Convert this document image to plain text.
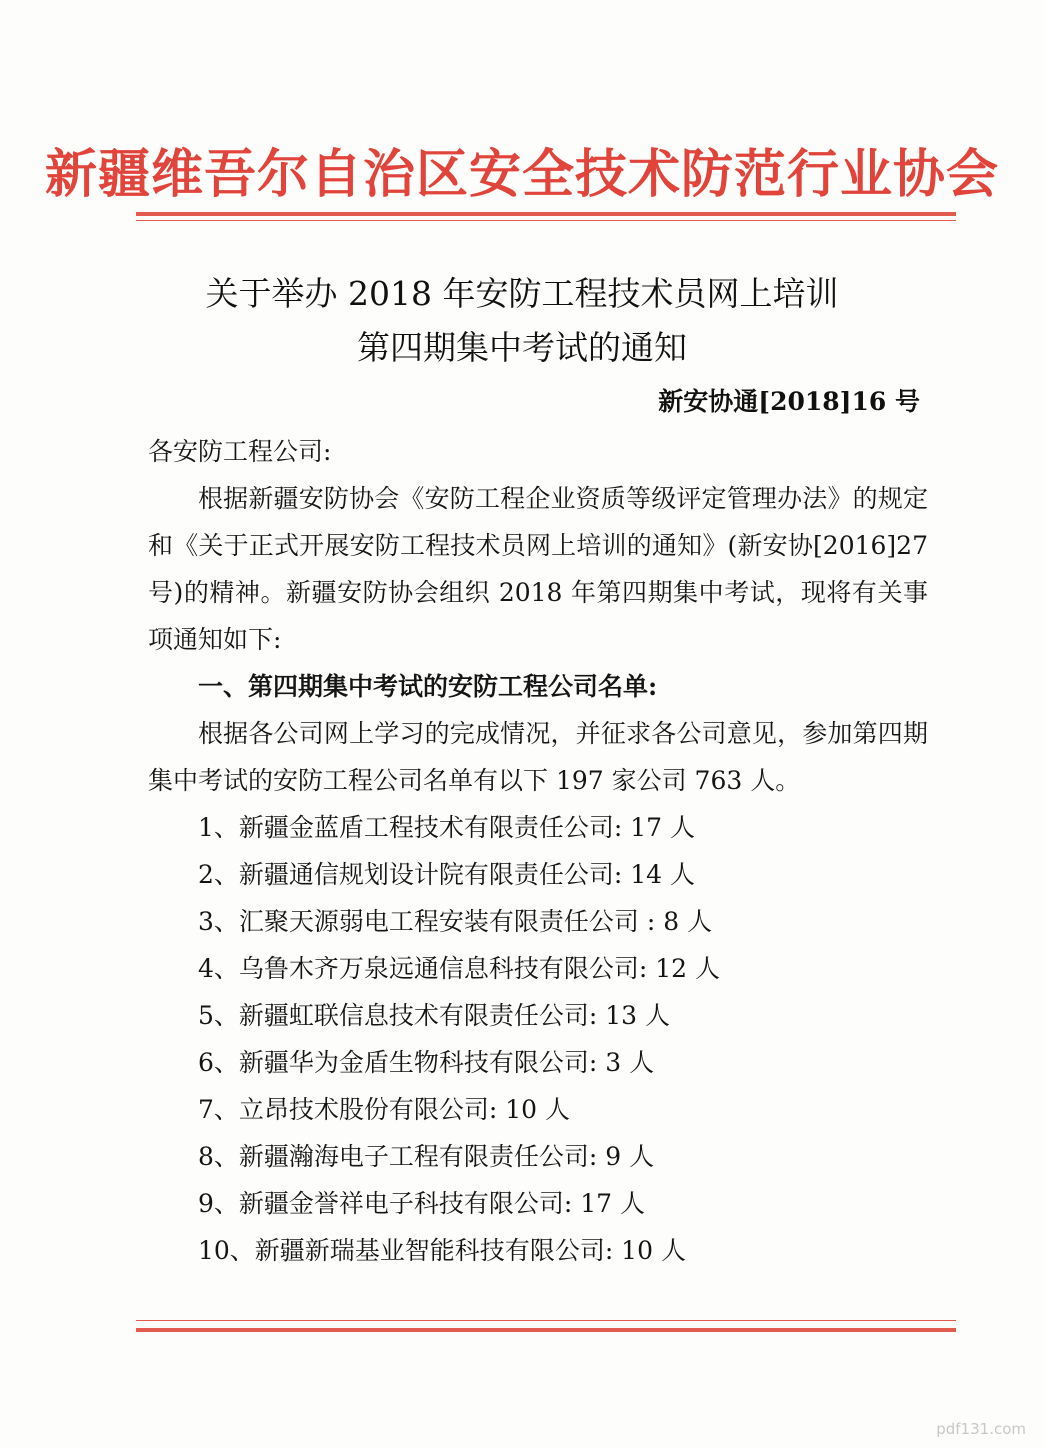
新疆维吾尔自治区安全技术防范行业协会
关于举办 2018 年安防工程技术员网上培训
第四期集中考试的通知
新安协通[2018]16 号

各安防工程公司:

根据新疆安防协会《安防工程企业资质等级评定管理办法》的规定和《关于正式开展安防工程技术员网上培训的通知》(新安协[2016]27 号)的精神。新疆安防协会组织 2018 年第四期集中考试，现将有关事项通知如下:

一、第四期集中考试的安防工程公司名单:

根据各公司网上学习的完成情况，并征求各公司意见，参加第四期集中考试的安防工程公司名单有以下 197 家公司 763 人。

1、新疆金蓝盾工程技术有限责任公司: 17 人
2、新疆通信规划设计院有限责任公司: 14 人
3、汇聚天源弱电工程安装有限责任公司 : 8 人
4、乌鲁木齐万泉远通信息科技有限公司: 12 人
5、新疆虹联信息技术有限责任公司: 13 人
6、新疆华为金盾生物科技有限公司: 3 人
7、立昂技术股份有限公司: 10 人
8、新疆瀚海电子工程有限责任公司: 9 人
9、新疆金誉祥电子科技有限公司: 17 人
10、新疆新瑞基业智能科技有限公司: 10 人
pdf131.com
